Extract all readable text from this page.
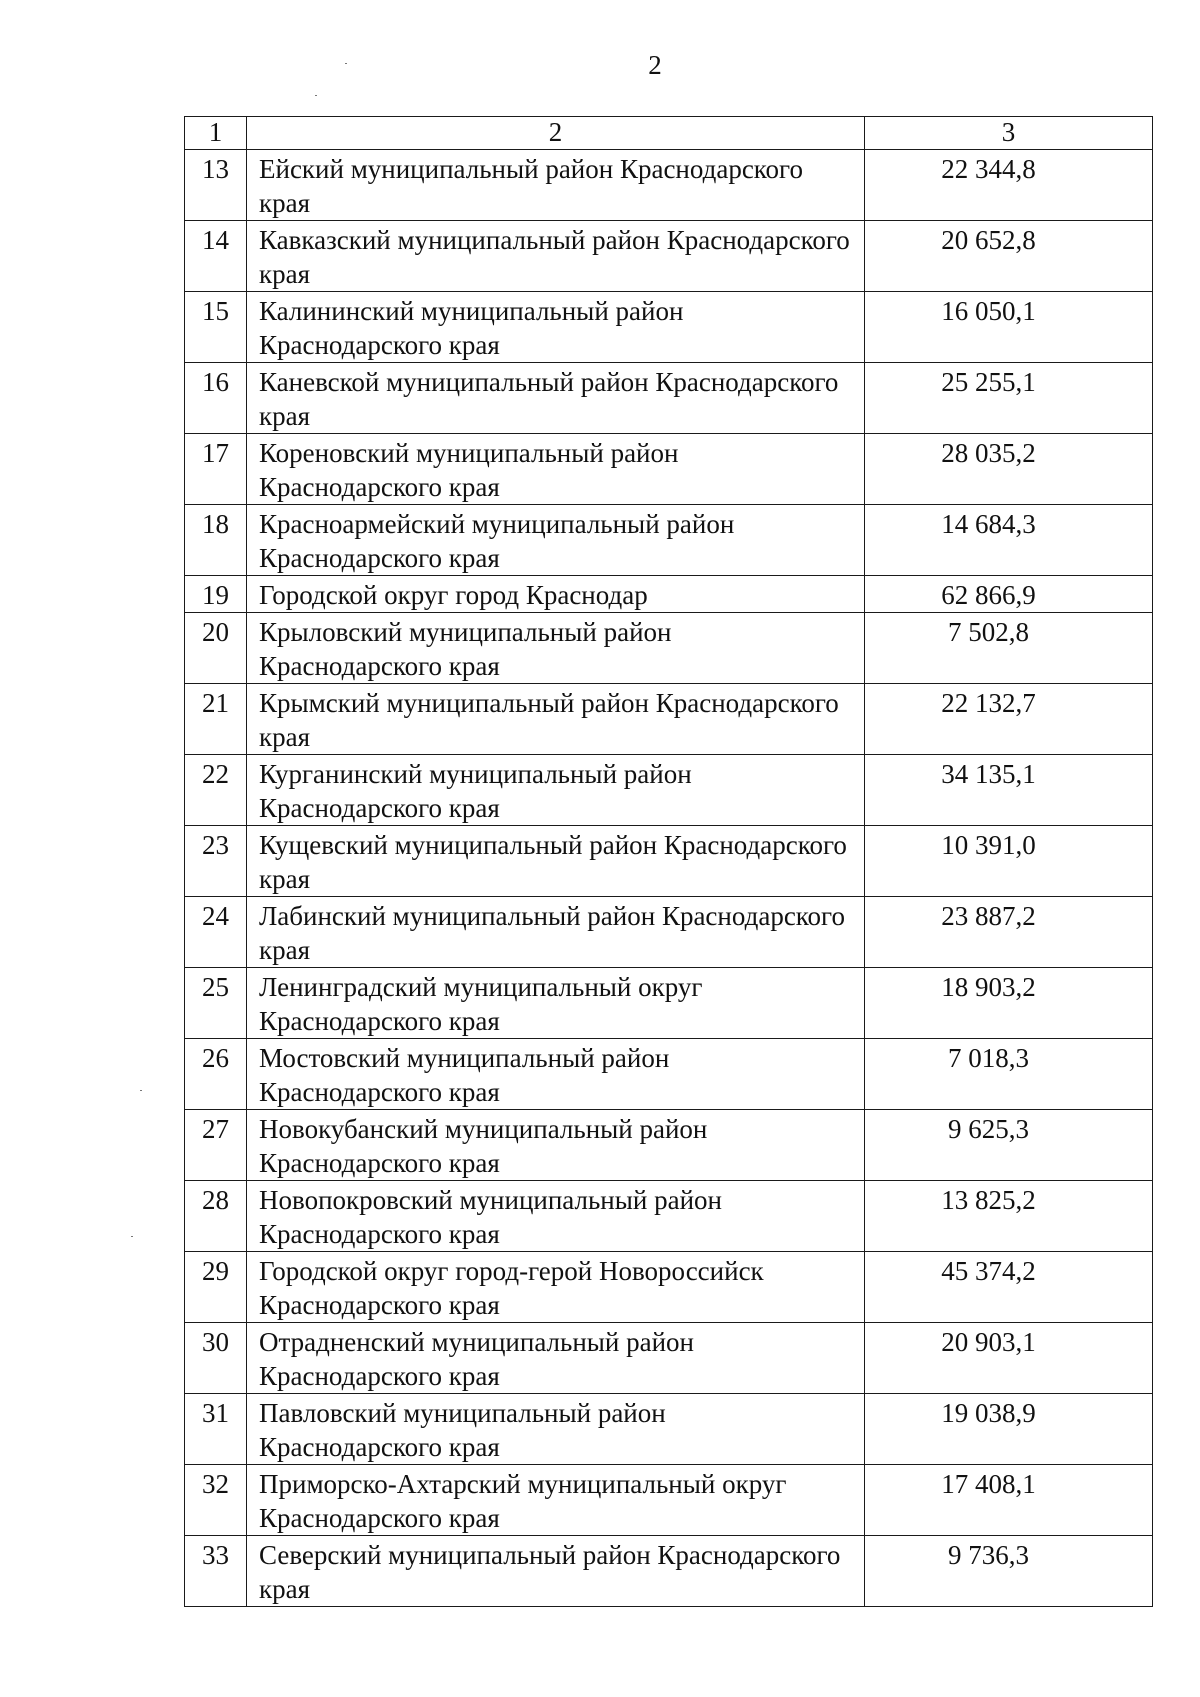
2
1	2	3
13	Ейский муниципальный район Краснодарского края	22 344,8
14	Кавказский муниципальный район Краснодарского края	20 652,8
15	Калининский муниципальный район Краснодарского края	16 050,1
16	Каневской муниципальный район Краснодарского края	25 255,1
17	Кореновский муниципальный район Краснодарского края	28 035,2
18	Красноармейский муниципальный район Краснодарского края	14 684,3
19	Городской округ город Краснодар	62 866,9
20	Крыловский муниципальный район Краснодарского края	7 502,8
21	Крымский муниципальный район Краснодарского края	22 132,7
22	Курганинский муниципальный район Краснодарского края	34 135,1
23	Кущевский муниципальный район Краснодарского края	10 391,0
24	Лабинский муниципальный район Краснодарского края	23 887,2
25	Ленинградский муниципальный округ Краснодарского края	18 903,2
26	Мостовский муниципальный район Краснодарского края	7 018,3
27	Новокубанский муниципальный район Краснодарского края	9 625,3
28	Новопокровский муниципальный район Краснодарского края	13 825,2
29	Городской округ город-герой Новороссийск Краснодарского края	45 374,2
30	Отрадненский муниципальный район Краснодарского края	20 903,1
31	Павловский муниципальный район Краснодарского края	19 038,9
32	Приморско-Ахтарский муниципальный округ Краснодарского края	17 408,1
33	Северский муниципальный район Краснодарского края	9 736,3
